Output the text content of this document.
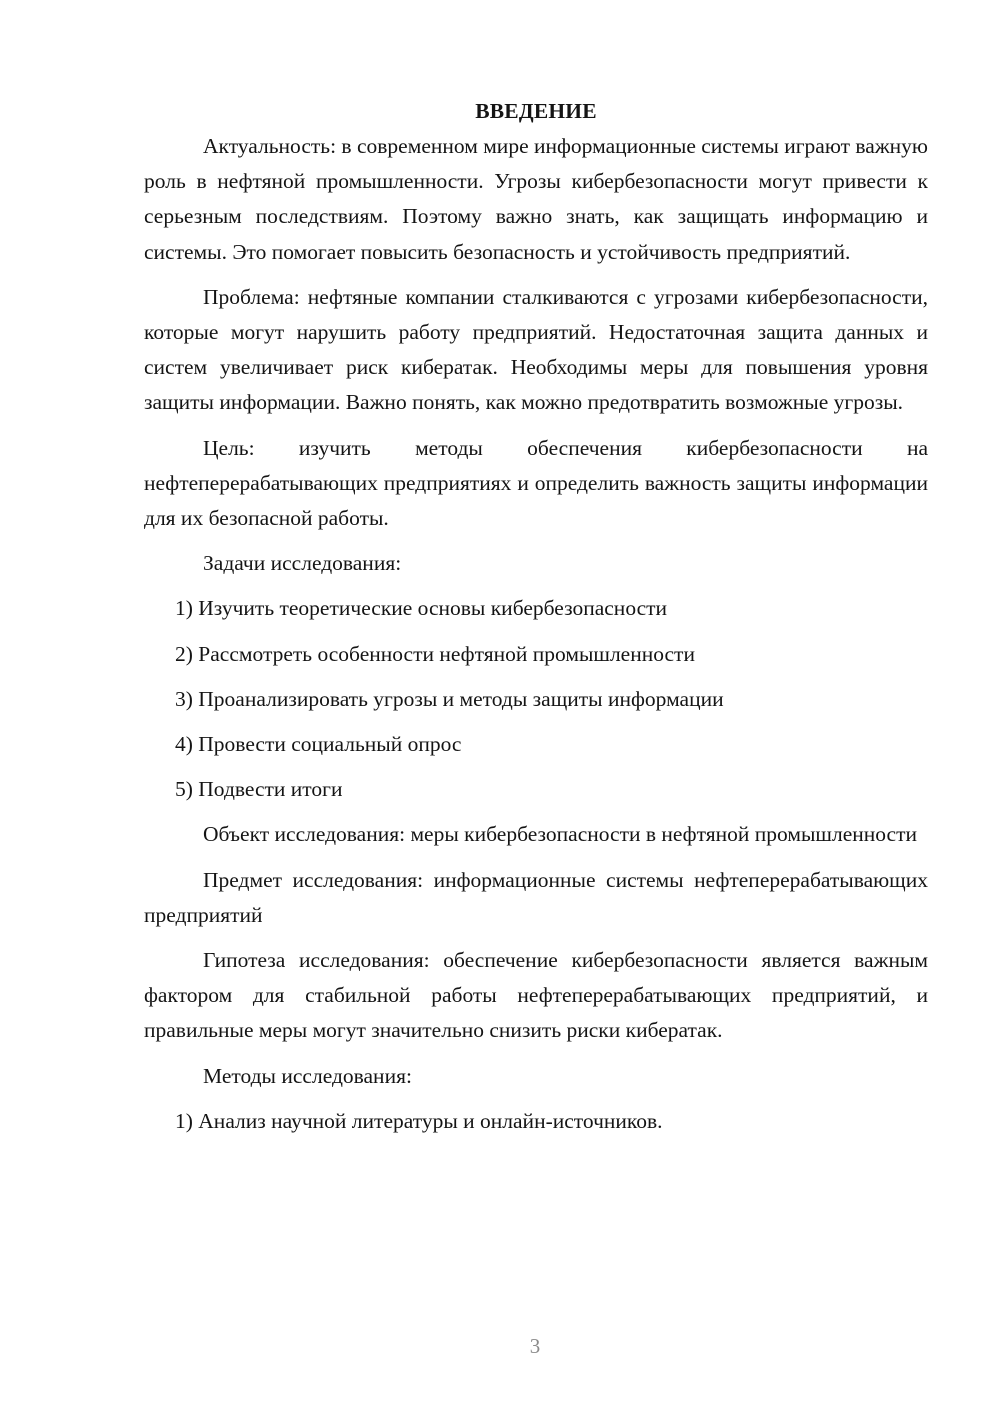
ВВЕДЕНИЕ

Актуальность: в современном мире информационные системы играют важную роль в нефтяной промышленности. Угрозы кибербезопасности могут привести к серьезным последствиям. Поэтому важно знать, как защищать информацию и системы. Это помогает повысить безопасность и устойчивость предприятий.

Проблема: нефтяные компании сталкиваются с угрозами кибербезопасности, которые могут нарушить работу предприятий. Недостаточная защита данных и систем увеличивает риск кибератак. Необходимы меры для повышения уровня защиты информации. Важно понять, как можно предотвратить возможные угрозы.

Цель: изучить методы обеспечения кибербезопасности на нефтеперерабатывающих предприятиях и определить важность защиты информации для их безопасной работы.

Задачи исследования:

1) Изучить теоретические основы кибербезопасности
2) Рассмотреть особенности нефтяной промышленности
3) Проанализировать угрозы и методы защиты информации
4) Провести социальный опрос
5) Подвести итоги

Объект исследования: меры кибербезопасности в нефтяной промышленности

Предмет исследования: информационные системы нефтеперерабатывающих предприятий

Гипотеза исследования: обеспечение кибербезопасности является важным фактором для стабильной работы нефтеперерабатывающих предприятий, и правильные меры могут значительно снизить риски кибератак.

Методы исследования:

1) Анализ научной литературы и онлайн-источников.
3
